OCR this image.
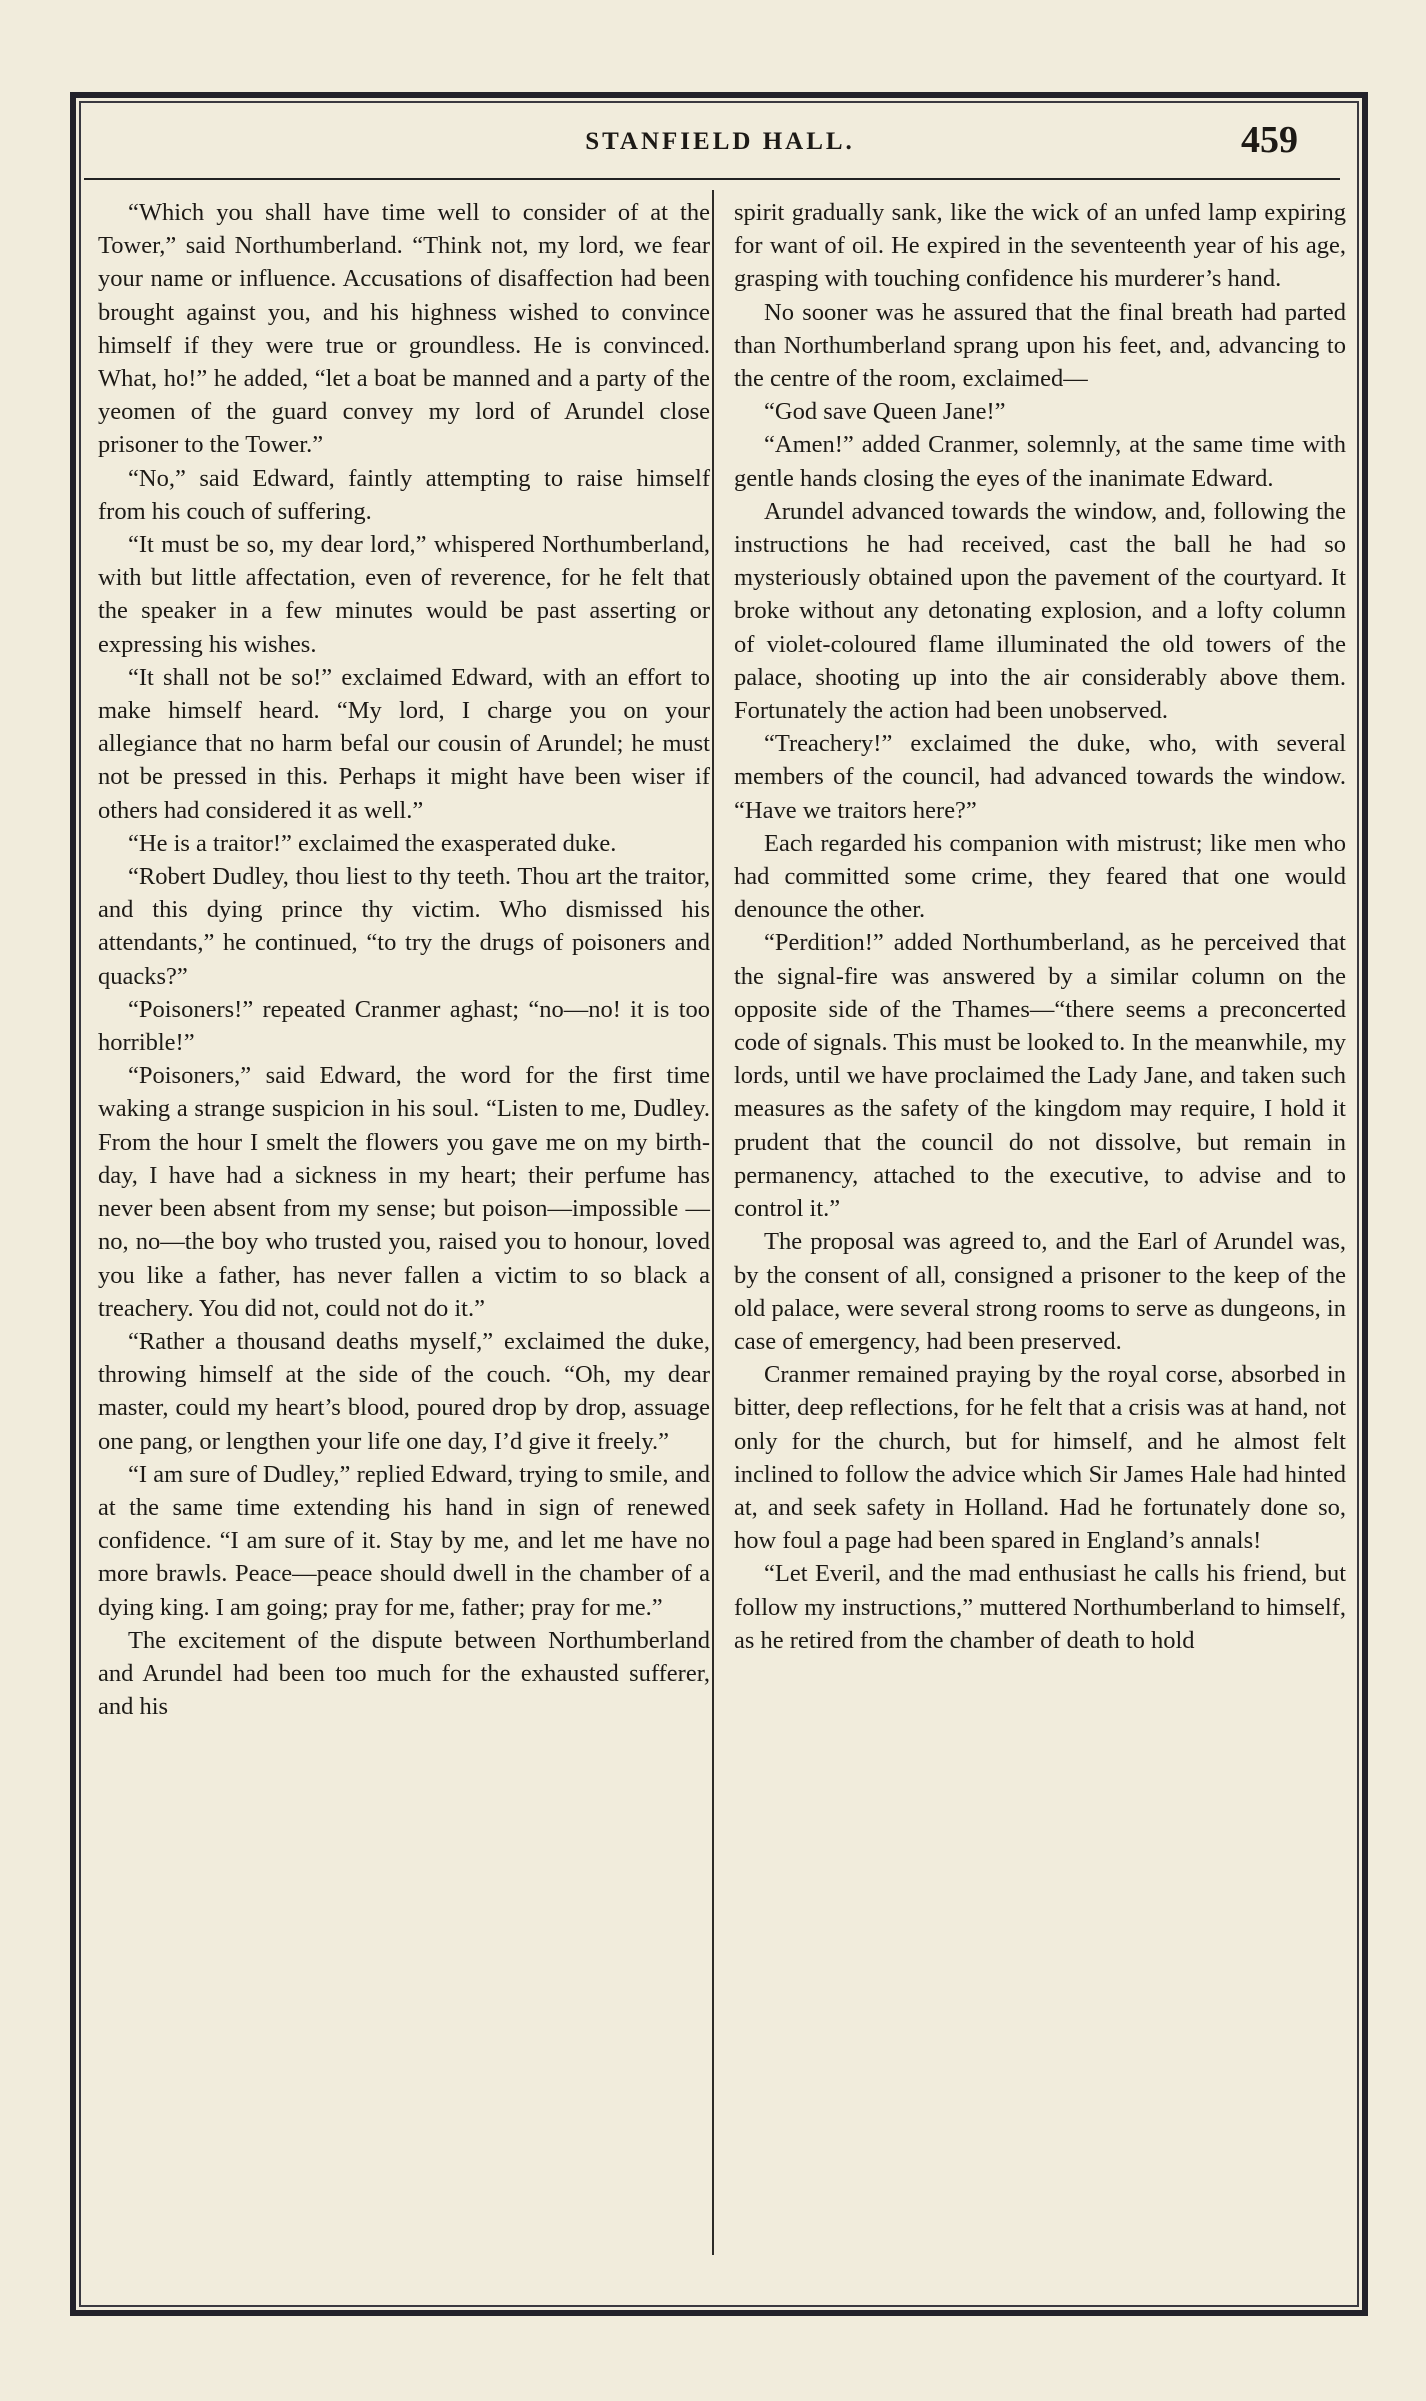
STANFIELD HALL.	459

“Which you shall have time well to consider of at the Tower,” said Northumberland. “Think not, my lord, we fear your name or influence. Accusations of disaffection had been brought against you, and his highness wished to convince himself if they were true or groundless. He is convinced. What, ho!” he added, “let a boat be manned and a party of the yeomen of the guard convey my lord of Arundel close prisoner to the Tower.”

“No,” said Edward, faintly attempting to raise himself from his couch of suffering.

“It must be so, my dear lord,” whispered Northumberland, with but little affectation, even of reverence, for he felt that the speaker in a few minutes would be past asserting or expressing his wishes.

“It shall not be so!” exclaimed Edward, with an effort to make himself heard. “My lord, I charge you on your allegiance that no harm befal our cousin of Arundel; he must not be pressed in this. Perhaps it might have been wiser if others had considered it as well.”

“He is a traitor!” exclaimed the exasperated duke.

“Robert Dudley, thou liest to thy teeth. Thou art the traitor, and this dying prince thy victim. Who dismissed his attendants,” he continued, “to try the drugs of poisoners and quacks?”

“Poisoners!” repeated Cranmer aghast; “no—no! it is too horrible!”

“Poisoners,” said Edward, the word for the first time waking a strange suspicion in his soul. “Listen to me, Dudley. From the hour I smelt the flowers you gave me on my birth-day, I have had a sickness in my heart; their perfume has never been absent from my sense; but poison—impossible —no, no—the boy who trusted you, raised you to honour, loved you like a father, has never fallen a victim to so black a treachery. You did not, could not do it.”

“Rather a thousand deaths myself,” exclaimed the duke, throwing himself at the side of the couch. “Oh, my dear master, could my heart’s blood, poured drop by drop, assuage one pang, or lengthen your life one day, I’d give it freely.”

“I am sure of Dudley,” replied Edward, trying to smile, and at the same time extending his hand in sign of renewed confidence. “I am sure of it. Stay by me, and let me have no more brawls. Peace—peace should dwell in the chamber of a dying king. I am going; pray for me, father; pray for me.”

The excitement of the dispute between Northumberland and Arundel had been too much for the exhausted sufferer, and his

spirit gradually sank, like the wick of an unfed lamp expiring for want of oil. He expired in the seventeenth year of his age, grasping with touching confidence his murderer’s hand.

No sooner was he assured that the final breath had parted than Northumberland sprang upon his feet, and, advancing to the centre of the room, exclaimed—

“God save Queen Jane!”

“Amen!” added Cranmer, solemnly, at the same time with gentle hands closing the eyes of the inanimate Edward.

Arundel advanced towards the window, and, following the instructions he had received, cast the ball he had so mysteriously obtained upon the pavement of the courtyard. It broke without any detonating explosion, and a lofty column of violet-coloured flame illuminated the old towers of the palace, shooting up into the air considerably above them. Fortunately the action had been unobserved.

“Treachery!” exclaimed the duke, who, with several members of the council, had advanced towards the window. “Have we traitors here?”

Each regarded his companion with mistrust; like men who had committed some crime, they feared that one would denounce the other.

“Perdition!” added Northumberland, as he perceived that the signal-fire was answered by a similar column on the opposite side of the Thames—“there seems a preconcerted code of signals. This must be looked to. In the meanwhile, my lords, until we have proclaimed the Lady Jane, and taken such measures as the safety of the kingdom may require, I hold it prudent that the council do not dissolve, but remain in permanency, attached to the executive, to advise and to control it.”

The proposal was agreed to, and the Earl of Arundel was, by the consent of all, consigned a prisoner to the keep of the old palace, were several strong rooms to serve as dungeons, in case of emergency, had been preserved.

Cranmer remained praying by the royal corse, absorbed in bitter, deep reflections, for he felt that a crisis was at hand, not only for the church, but for himself, and he almost felt inclined to follow the advice which Sir James Hale had hinted at, and seek safety in Holland. Had he fortunately done so, how foul a page had been spared in England’s annals!

“Let Everil, and the mad enthusiast he calls his friend, but follow my instructions,” muttered Northumberland to himself, as he retired from the chamber of death to hold
